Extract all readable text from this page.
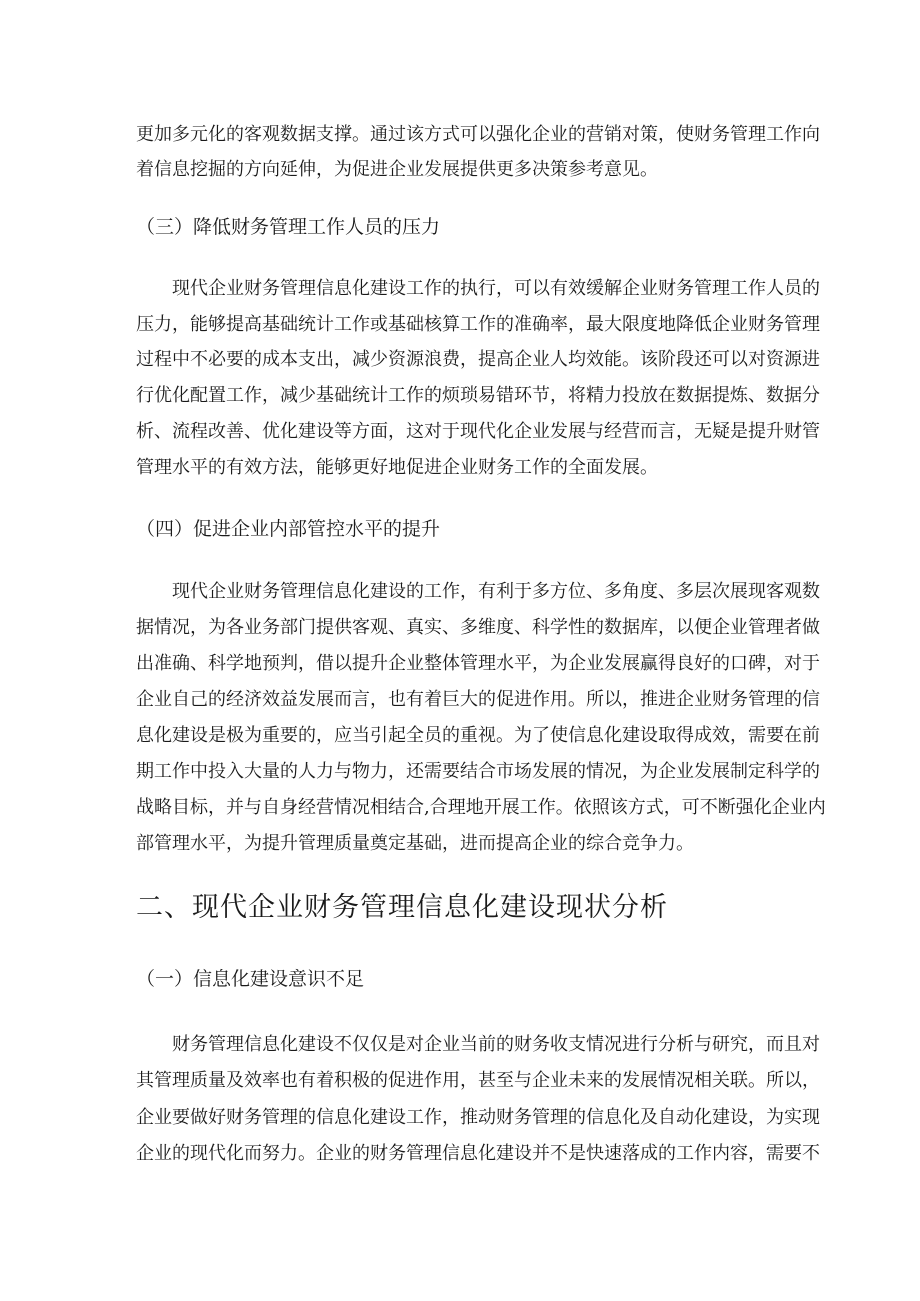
更加多元化的客观数据支撑。通过该方式可以强化企业的营销对策，使财务管理工作向
着信息挖掘的方向延伸，为促进企业发展提供更多决策参考意见。
（三）降低财务管理工作人员的压力
现代企业财务管理信息化建设工作的执行，可以有效缓解企业财务管理工作人员的
压力，能够提高基础统计工作或基础核算工作的准确率，最大限度地降低企业财务管理
过程中不必要的成本支出，减少资源浪费，提高企业人均效能。该阶段还可以对资源进
行优化配置工作，减少基础统计工作的烦琐易错环节，将精力投放在数据提炼、数据分
析、流程改善、优化建设等方面，这对于现代化企业发展与经营而言，无疑是提升财管
管理水平的有效方法，能够更好地促进企业财务工作的全面发展。
（四）促进企业内部管控水平的提升
现代企业财务管理信息化建设的工作，有利于多方位、多角度、多层次展现客观数
据情况，为各业务部门提供客观、真实、多维度、科学性的数据库，以便企业管理者做
出准确、科学地预判，借以提升企业整体管理水平，为企业发展赢得良好的口碑，对于
企业自己的经济效益发展而言，也有着巨大的促进作用。所以，推进企业财务管理的信
息化建设是极为重要的，应当引起全员的重视。为了使信息化建设取得成效，需要在前
期工作中投入大量的人力与物力，还需要结合市场发展的情况，为企业发展制定科学的
战略目标，并与自身经营情况相结合,合理地开展工作。依照该方式，可不断强化企业内
部管理水平，为提升管理质量奠定基础，进而提高企业的综合竞争力。
二、现代企业财务管理信息化建设现状分析
（一）信息化建设意识不足
财务管理信息化建设不仅仅是对企业当前的财务收支情况进行分析与研究，而且对
其管理质量及效率也有着积极的促进作用，甚至与企业未来的发展情况相关联。所以，
企业要做好财务管理的信息化建设工作，推动财务管理的信息化及自动化建设，为实现
企业的现代化而努力。企业的财务管理信息化建设并不是快速落成的工作内容，需要不
